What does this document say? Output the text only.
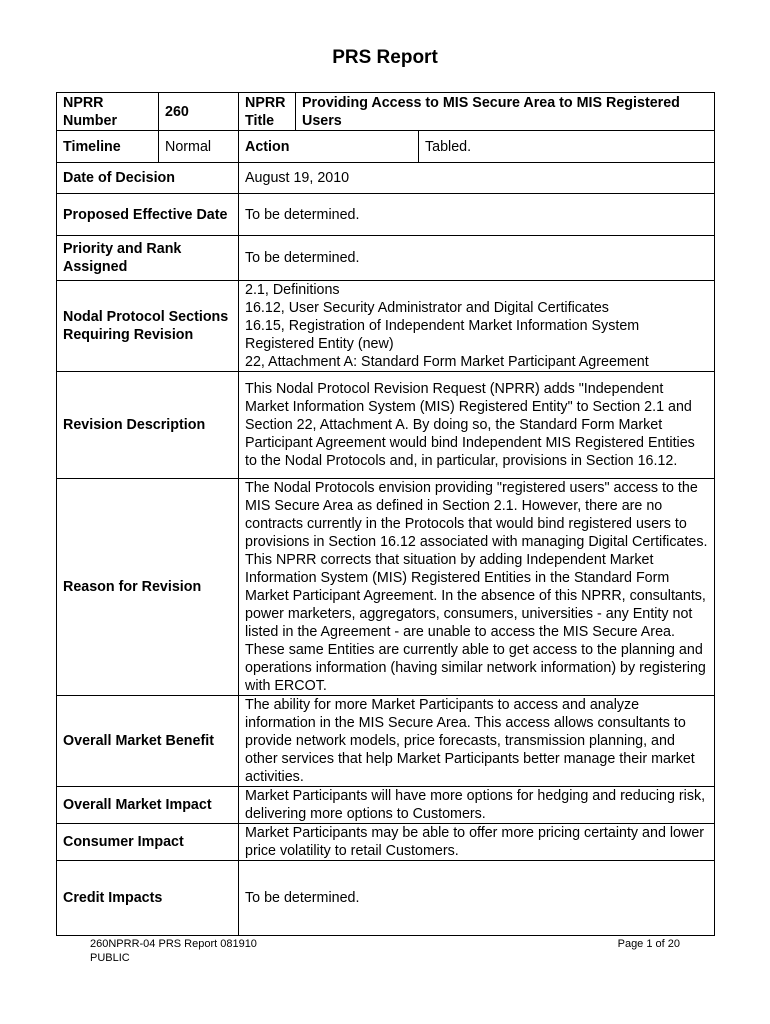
PRS Report
NPRR Number	260	NPRR Title	Providing Access to MIS Secure Area to MIS Registered Users	
Timeline	Normal	Action		Tabled.
Date of Decision		August 19, 2010		
Proposed Effective Date		To be determined.		
Priority and Rank Assigned		To be determined.		
Nodal Protocol Sections Requiring Revision		2.1, Definitions
16.12, User Security Administrator and Digital Certificates
16.15, Registration of Independent Market Information System Registered Entity (new)
22, Attachment A: Standard Form Market Participant Agreement		

Revision Description		This Nodal Protocol Revision Request (NPRR) adds "Independent Market Information System (MIS) Registered Entity" to Section 2.1 and Section 22, Attachment A. By doing so, the Standard Form Market Participant Agreement would bind Independent MIS Registered Entities to the Nodal Protocols and, in particular, provisions in Section 16.12.		
Reason for Revision		The Nodal Protocols envision providing "registered users" access to the MIS Secure Area as defined in Section 2.1. However, there are no contracts currently in the Protocols that would bind registered users to provisions in Section 16.12 associated with managing Digital Certificates. This NPRR corrects that situation by adding Independent Market Information System (MIS) Registered Entities in the Standard Form Market Participant Agreement. In the absence of this NPRR, consultants, power marketers, aggregators, consumers, universities - any Entity not listed in the Agreement - are unable to access the MIS Secure Area. These same Entities are currently able to get access to the planning and operations information (having similar network information) by registering with ERCOT.		
Overall Market Benefit		The ability for more Market Participants to access and analyze information in the MIS Secure Area. This access allows consultants to provide network models, price forecasts, transmission planning, and other services that help Market Participants better manage their market activities.		
Overall Market Impact		Market Participants will have more options for hedging and reducing risk, delivering more options to Customers.		
Consumer Impact		Market Participants may be able to offer more pricing certainty and lower price volatility to retail Customers.		
Credit Impacts		To be determined.		
260NPRR-04 PRS Report 081910
PUBLIC
Page 1 of 20
